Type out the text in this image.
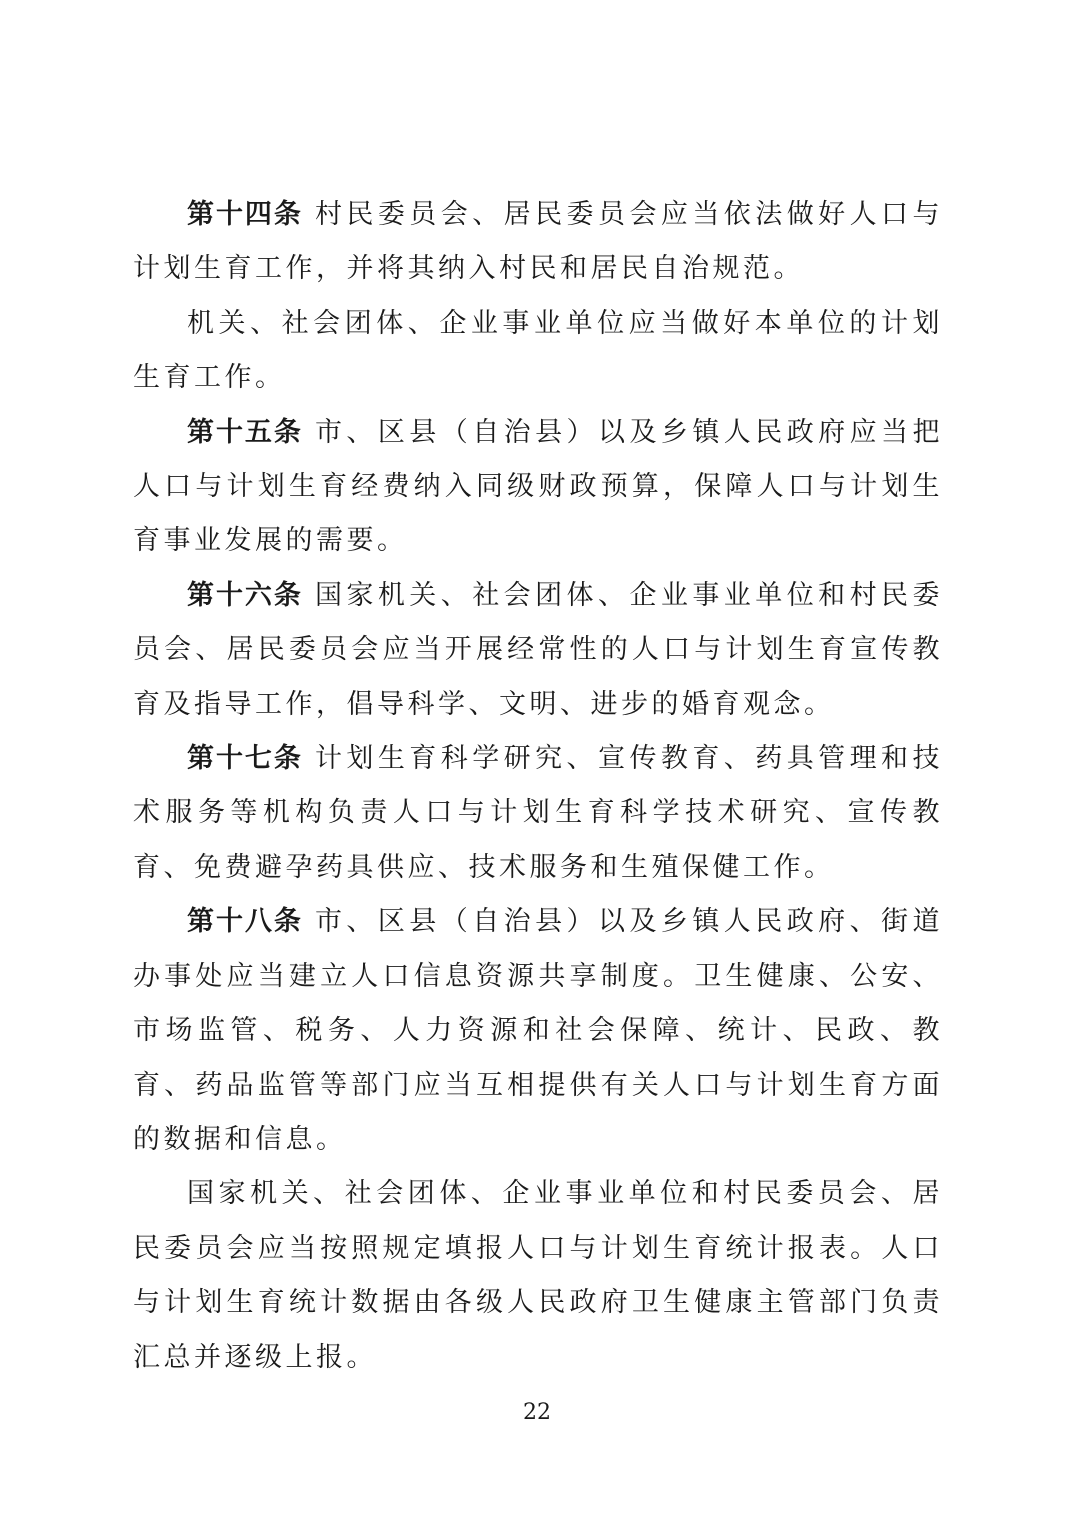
第十四条 村民委员会、居民委员会应当依法做好人口与计划生育工作，并将其纳入村民和居民自治规范。

机关、社会团体、企业事业单位应当做好本单位的计划生育工作。

第十五条 市、区县（自治县）以及乡镇人民政府应当把人口与计划生育经费纳入同级财政预算，保障人口与计划生育事业发展的需要。

第十六条 国家机关、社会团体、企业事业单位和村民委员会、居民委员会应当开展经常性的人口与计划生育宣传教育及指导工作，倡导科学、文明、进步的婚育观念。

第十七条 计划生育科学研究、宣传教育、药具管理和技术服务等机构负责人口与计划生育科学技术研究、宣传教育、免费避孕药具供应、技术服务和生殖保健工作。

第十八条 市、区县（自治县）以及乡镇人民政府、街道办事处应当建立人口信息资源共享制度。卫生健康、公安、市场监管、税务、人力资源和社会保障、统计、民政、教育、药品监管等部门应当互相提供有关人口与计划生育方面的数据和信息。

国家机关、社会团体、企业事业单位和村民委员会、居民委员会应当按照规定填报人口与计划生育统计报表。人口与计划生育统计数据由各级人民政府卫生健康主管部门负责汇总并逐级上报。

22
